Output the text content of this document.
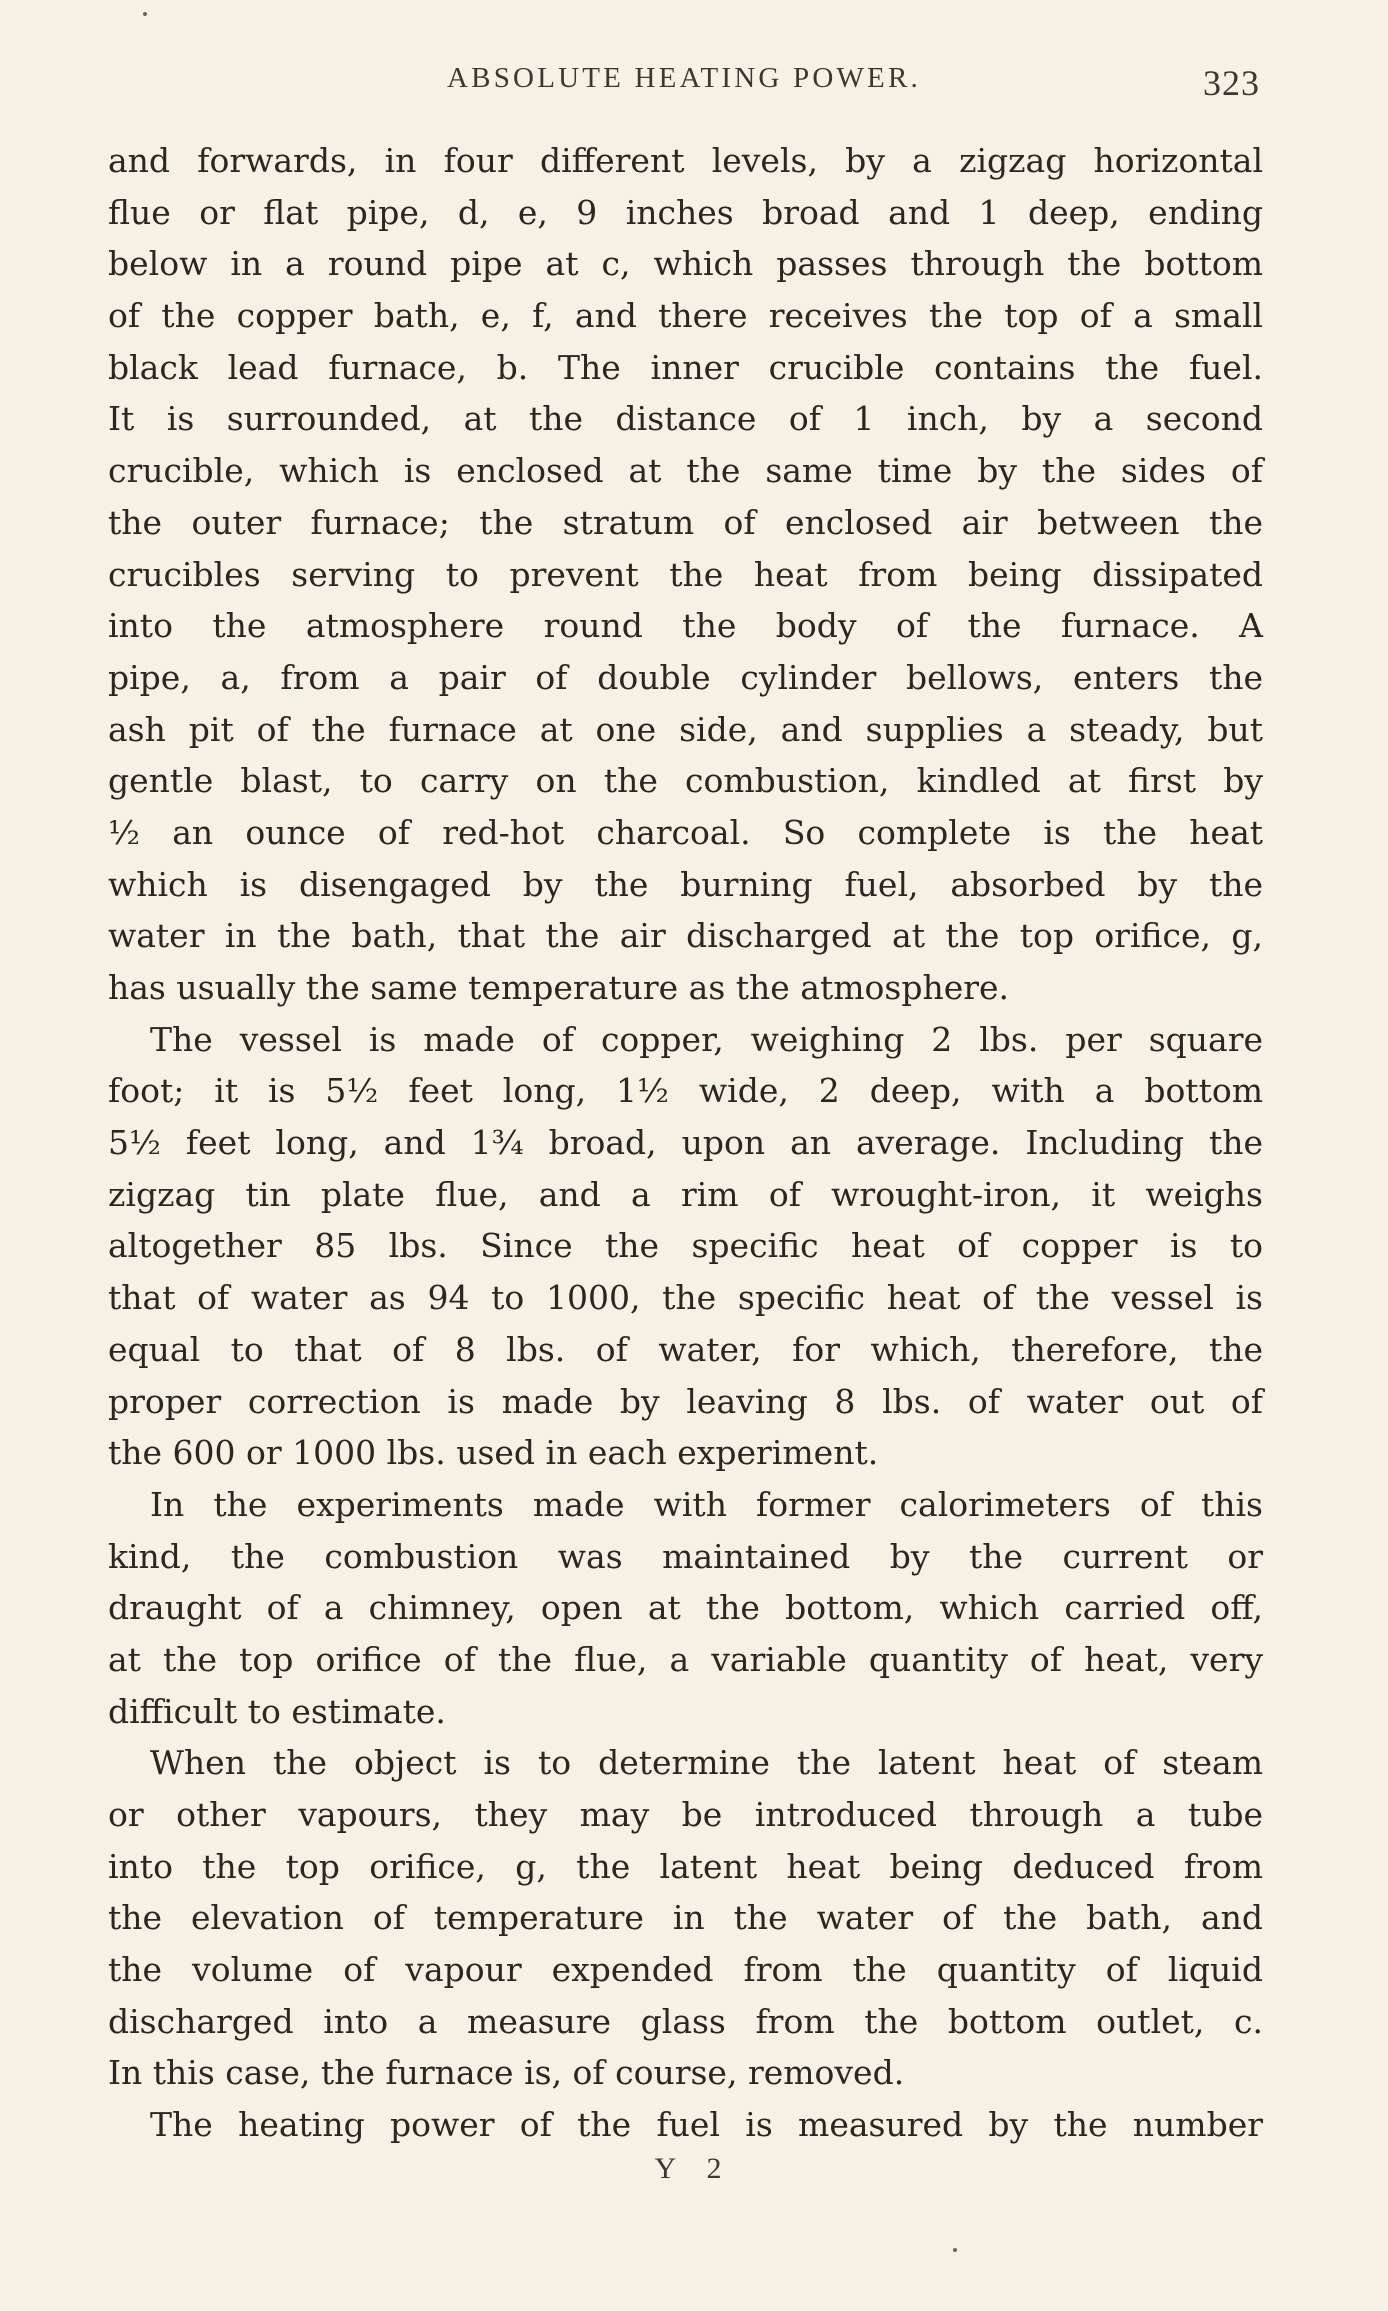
ABSOLUTE HEATING POWER.	323
and forwards, in four different levels, by a zigzag horizontal
flue or flat pipe, d, e, 9 inches broad and 1 deep, ending
below in a round pipe at c, which passes through the bottom
of the copper bath, e, f, and there receives the top of a small
black lead furnace, b. The inner crucible contains the fuel.
It is surrounded, at the distance of 1 inch, by a second
crucible, which is enclosed at the same time by the sides of
the outer furnace; the stratum of enclosed air between the
crucibles serving to prevent the heat from being dissipated
into the atmosphere round the body of the furnace. A
pipe, a, from a pair of double cylinder bellows, enters the
ash pit of the furnace at one side, and supplies a steady, but
gentle blast, to carry on the combustion, kindled at first by
½ an ounce of red-hot charcoal. So complete is the heat
which is disengaged by the burning fuel, absorbed by the
water in the bath, that the air discharged at the top orifice, g,
has usually the same temperature as the atmosphere.
The vessel is made of copper, weighing 2 lbs. per square
foot; it is 5½ feet long, 1½ wide, 2 deep, with a bottom
5½ feet long, and 1¾ broad, upon an average. Including the
zigzag tin plate flue, and a rim of wrought-iron, it weighs
altogether 85 lbs. Since the specific heat of copper is to
that of water as 94 to 1000, the specific heat of the vessel is
equal to that of 8 lbs. of water, for which, therefore, the
proper correction is made by leaving 8 lbs. of water out of
the 600 or 1000 lbs. used in each experiment.
In the experiments made with former calorimeters of this
kind, the combustion was maintained by the current or
draught of a chimney, open at the bottom, which carried off,
at the top orifice of the flue, a variable quantity of heat, very
difficult to estimate.
When the object is to determine the latent heat of steam
or other vapours, they may be introduced through a tube
into the top orifice, g, the latent heat being deduced from
the elevation of temperature in the water of the bath, and
the volume of vapour expended from the quantity of liquid
discharged into a measure glass from the bottom outlet, c.
In this case, the furnace is, of course, removed.
The heating power of the fuel is measured by the number
Y 2
